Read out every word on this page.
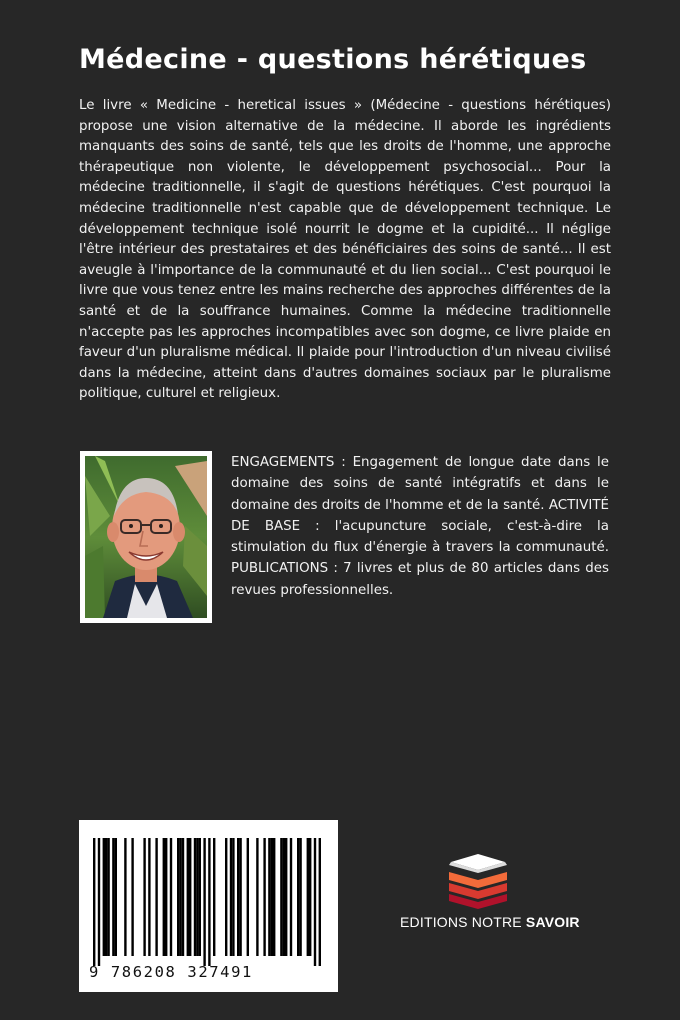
Médecine - questions hérétiques

Le livre « Medicine - heretical issues » (Médecine - questions hérétiques) propose une vision alternative de la médecine. Il aborde les ingrédients manquants des soins de santé, tels que les droits de l'homme, une approche thérapeutique non violente, le développement psychosocial... Pour la médecine traditionnelle, il s'agit de questions hérétiques. C'est pourquoi la médecine traditionnelle n'est capable que de développement technique. Le développement technique isolé nourrit le dogme et la cupidité... Il néglige l'être intérieur des prestataires et des bénéficiaires des soins de santé... Il est aveugle à l'importance de la communauté et du lien social... C'est pourquoi le livre que vous tenez entre les mains recherche des approches différentes de la santé et de la souffrance humaines. Comme la médecine traditionnelle n'accepte pas les approches incompatibles avec son dogme, ce livre plaide en faveur d'un pluralisme médical. Il plaide pour l'introduction d'un niveau civilisé dans la médecine, atteint dans d'autres domaines sociaux par le pluralisme politique, culturel et religieux.

ENGAGEMENTS : Engagement de longue date dans le domaine des soins de santé intégratifs et dans le domaine des droits de l'homme et de la santé. ACTIVITÉ DE BASE : l'acupuncture sociale, c'est-à-dire la stimulation du flux d'énergie à travers la communauté. PUBLICATIONS : 7 livres et plus de 80 articles dans des revues professionnelles.

9 786208 327491
EDITIONS NOTRE SAVOIR
